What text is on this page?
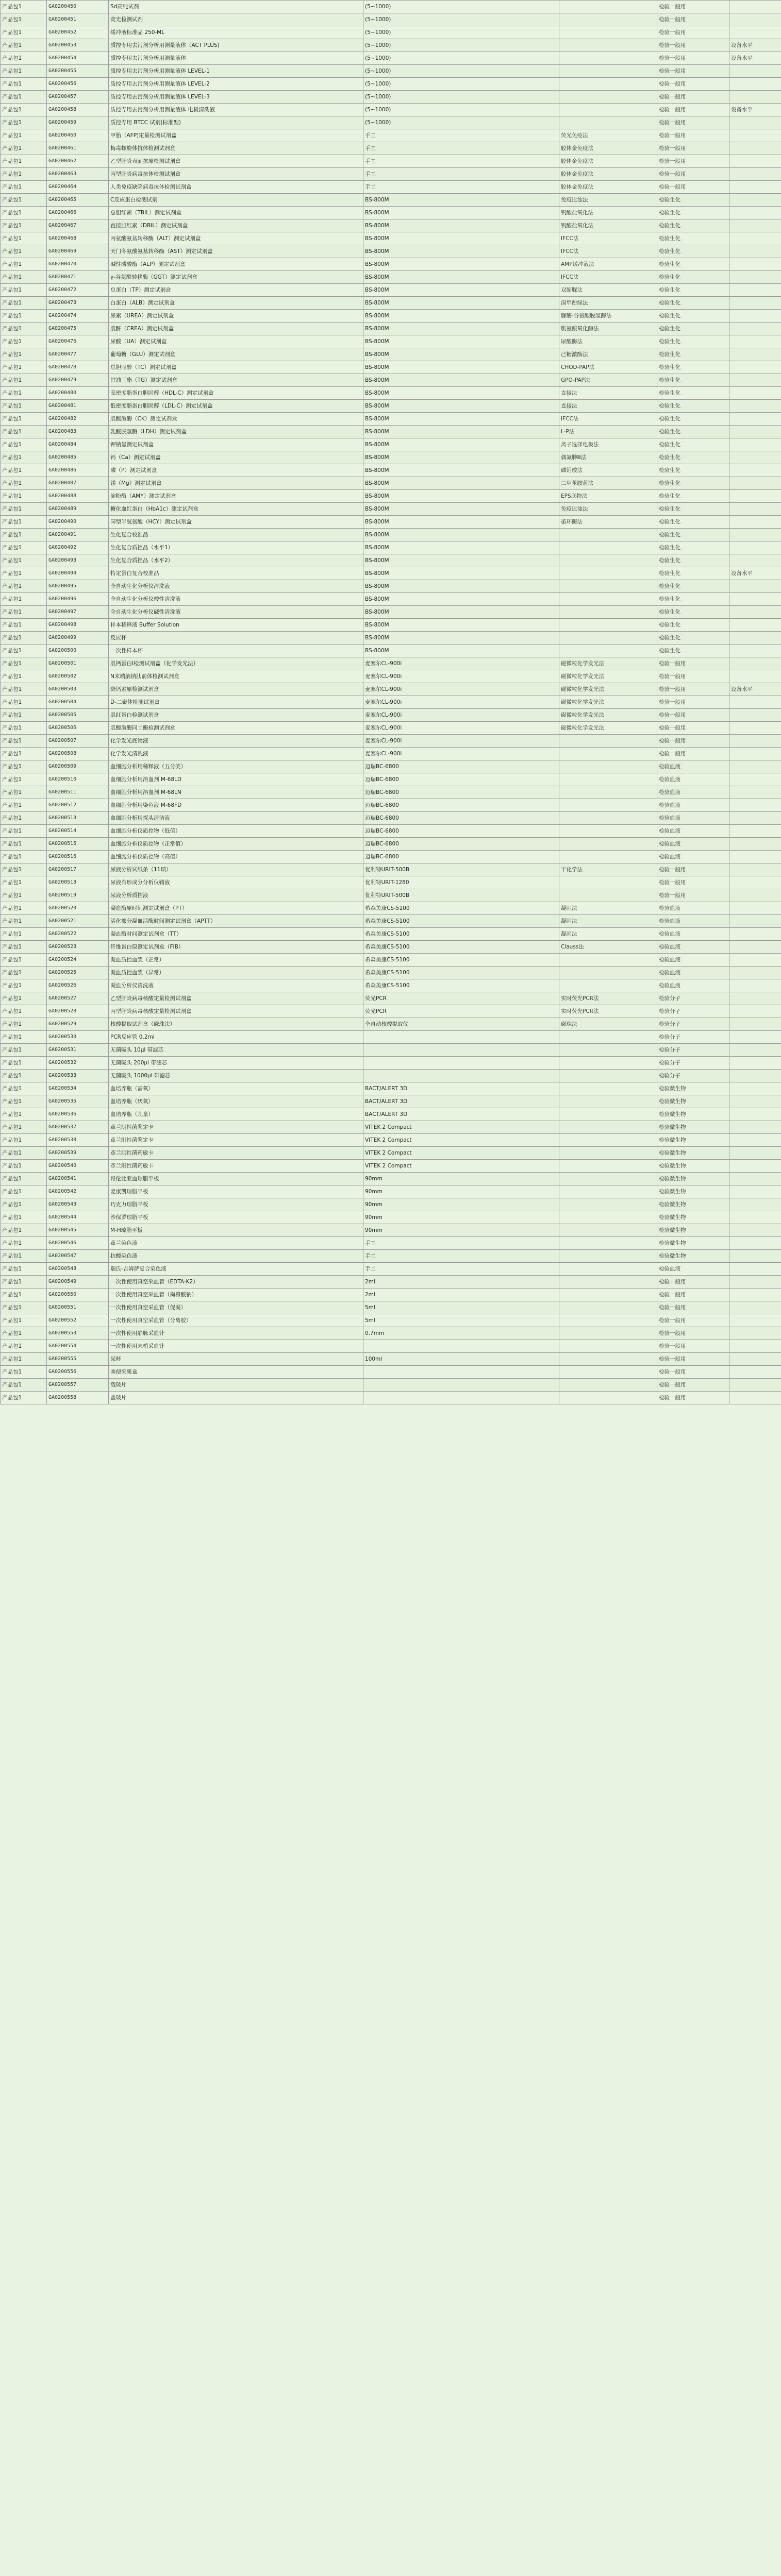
产品包1	GA0200450	Sd高纯试剂	(5~1000)		检验一般用	
产品包1	GA0200451	荧光检测试剂	(5~1000)		检验一般用	
产品包1	GA0200452	缓冲液标准品 250-ML	(5~1000)		检验一般用	
产品包1	GA0200453	质控专用去污剂分析用测量液体（ACT PLUS)	(5~1000)		检验一般用	设备水平
产品包1	GA0200454	质控专用去污剂分析用测量液体	(5~1000)		检验一般用	设备水平
产品包1	GA0200455	质控专用去污剂分析用测量液体 LEVEL-1	(5~1000)		检验一般用	
产品包1	GA0200456	质控专用去污剂分析用测量液体 LEVEL-2	(5~1000)		检验一般用	
产品包1	GA0200457	质控专用去污剂分析用测量液体 LEVEL-3	(5~1000)		检验一般用	
产品包1	GA0200458	质控专用去污剂分析用测量液体 电极清洗液	(5~1000)		检验一般用	设备水平
产品包1	GA0200459	质控专用 BTCC 试剂(标准型)	(5~1000)		检验一般用	
产品包1	GA0200460	甲胎（AFP)定量检测试剂盒	手工	荧光免疫法	检验一般用	
产品包1	GA0200461	梅毒螺旋体抗体检测试剂盒	手工	胶体金免疫法	检验一般用	
产品包1	GA0200462	乙型肝炎表面抗原检测试剂盒	手工	胶体金免疫法	检验一般用	
产品包1	GA0200463	丙型肝炎病毒抗体检测试剂盒	手工	胶体金免疫法	检验一般用	
产品包1	GA0200464	人类免疫缺陷病毒抗体检测试剂盒	手工	胶体金免疫法	检验一般用	
产品包1	GA0200465	C反应蛋白检测试剂	BS-800M	免疫比浊法	检验生化	
产品包1	GA0200466	总胆红素（TBIL）测定试剂盒	BS-800M	钒酸盐氧化法	检验生化	
产品包1	GA0200467	直接胆红素（DBIL）测定试剂盒	BS-800M	钒酸盐氧化法	检验生化	
产品包1	GA0200468	丙氨酸氨基转移酶（ALT）测定试剂盒	BS-800M	IFCC法	检验生化	
产品包1	GA0200469	天门冬氨酸氨基转移酶（AST）测定试剂盒	BS-800M	IFCC法	检验生化	
产品包1	GA0200470	碱性磷酸酶（ALP）测定试剂盒	BS-800M	AMP缓冲液法	检验生化	
产品包1	GA0200471	γ-谷氨酰转移酶（GGT）测定试剂盒	BS-800M	IFCC法	检验生化	
产品包1	GA0200472	总蛋白（TP）测定试剂盒	BS-800M	双缩脲法	检验生化	
产品包1	GA0200473	白蛋白（ALB）测定试剂盒	BS-800M	溴甲酚绿法	检验生化	
产品包1	GA0200474	尿素（UREA）测定试剂盒	BS-800M	脲酶-谷氨酸脱氢酶法	检验生化	
产品包1	GA0200475	肌酐（CREA）测定试剂盒	BS-800M	肌氨酸氧化酶法	检验生化	
产品包1	GA0200476	尿酸（UA）测定试剂盒	BS-800M	尿酸酶法	检验生化	
产品包1	GA0200477	葡萄糖（GLU）测定试剂盒	BS-800M	己糖激酶法	检验生化	
产品包1	GA0200478	总胆固醇（TC）测定试剂盒	BS-800M	CHOD-PAP法	检验生化	
产品包1	GA0200479	甘油三酯（TG）测定试剂盒	BS-800M	GPO-PAP法	检验生化	
产品包1	GA0200480	高密度脂蛋白胆固醇（HDL-C）测定试剂盒	BS-800M	直接法	检验生化	
产品包1	GA0200481	低密度脂蛋白胆固醇（LDL-C）测定试剂盒	BS-800M	直接法	检验生化	
产品包1	GA0200482	肌酸激酶（CK）测定试剂盒	BS-800M	IFCC法	检验生化	
产品包1	GA0200483	乳酸脱氢酶（LDH）测定试剂盒	BS-800M	L-P法	检验生化	
产品包1	GA0200484	钾钠氯测定试剂盒	BS-800M	离子选择电极法	检验生化	
产品包1	GA0200485	钙（Ca）测定试剂盒	BS-800M	偶氮胂Ⅲ法	检验生化	
产品包1	GA0200486	磷（P）测定试剂盒	BS-800M	磷钼酸法	检验生化	
产品包1	GA0200487	镁（Mg）测定试剂盒	BS-800M	二甲苯胺蓝法	检验生化	
产品包1	GA0200488	淀粉酶（AMY）测定试剂盒	BS-800M	EPS底物法	检验生化	
产品包1	GA0200489	糖化血红蛋白（HbA1c）测定试剂盒	BS-800M	免疫比浊法	检验生化	
产品包1	GA0200490	同型半胱氨酸（HCY）测定试剂盒	BS-800M	循环酶法	检验生化	
产品包1	GA0200491	生化复合校准品	BS-800M		检验生化	
产品包1	GA0200492	生化复合质控品（水平1）	BS-800M		检验生化	
产品包1	GA0200493	生化复合质控品（水平2）	BS-800M		检验生化	
产品包1	GA0200494	特定蛋白复合校准品	BS-800M		检验生化	设备水平
产品包1	GA0200495	全自动生化分析仪清洗液	BS-800M		检验生化	
产品包1	GA0200496	全自动生化分析仪酸性清洗液	BS-800M		检验生化	
产品包1	GA0200497	全自动生化分析仪碱性清洗液	BS-800M		检验生化	
产品包1	GA0200498	样本稀释液 Buffer Solution	BS-800M		检验生化	
产品包1	GA0200499	反应杯	BS-800M		检验生化	
产品包1	GA0200500	一次性样本杯	BS-800M		检验生化	
产品包1	GA0200501	肌钙蛋白I检测试剂盒（化学发光法）	麦塞尔CL-900i	磁微粒化学发光法	检验一般用	
产品包1	GA0200502	N末端脑钠肽前体检测试剂盒	麦塞尔CL-900i	磁微粒化学发光法	检验一般用	
产品包1	GA0200503	降钙素原检测试剂盒	麦塞尔CL-900i	磁微粒化学发光法	检验一般用	设备水平
产品包1	GA0200504	D-二聚体检测试剂盒	麦塞尔CL-900i	磁微粒化学发光法	检验一般用	
产品包1	GA0200505	肌红蛋白检测试剂盒	麦塞尔CL-900i	磁微粒化学发光法	检验一般用	
产品包1	GA0200506	肌酸激酶同工酶检测试剂盒	麦塞尔CL-900i	磁微粒化学发光法	检验一般用	
产品包1	GA0200507	化学发光底物液	麦塞尔CL-900i		检验一般用	
产品包1	GA0200508	化学发光清洗液	麦塞尔CL-900i		检验一般用	
产品包1	GA0200509	血细胞分析用稀释液（五分类）	迈瑞BC-6800		检验血液	
产品包1	GA0200510	血细胞分析用溶血剂 M-68LD	迈瑞BC-6800		检验血液	
产品包1	GA0200511	血细胞分析用溶血剂 M-68LN	迈瑞BC-6800		检验血液	
产品包1	GA0200512	血细胞分析用染色液 M-68FD	迈瑞BC-6800		检验血液	
产品包1	GA0200513	血细胞分析用探头清洁液	迈瑞BC-6800		检验血液	
产品包1	GA0200514	血细胞分析仪质控物（低值）	迈瑞BC-6800		检验血液	
产品包1	GA0200515	血细胞分析仪质控物（正常值）	迈瑞BC-6800		检验血液	
产品包1	GA0200516	血细胞分析仪质控物（高值）	迈瑞BC-6800		检验血液	
产品包1	GA0200517	尿液分析试纸条（11项）	优利特URIT-500B	干化学法	检验一般用	
产品包1	GA0200518	尿液有形成分分析仪鞘液	优利特URIT-1280		检验一般用	
产品包1	GA0200519	尿液分析质控液	优利特URIT-500B		检验一般用	
产品包1	GA0200520	凝血酶原时间测定试剂盒（PT）	希森美康CS-5100	凝固法	检验血液	
产品包1	GA0200521	活化部分凝血活酶时间测定试剂盒（APTT）	希森美康CS-5100	凝固法	检验血液	
产品包1	GA0200522	凝血酶时间测定试剂盒（TT）	希森美康CS-5100	凝固法	检验血液	
产品包1	GA0200523	纤维蛋白原测定试剂盒（FIB）	希森美康CS-5100	Clauss法	检验血液	
产品包1	GA0200524	凝血质控血浆（正常）	希森美康CS-5100		检验血液	
产品包1	GA0200525	凝血质控血浆（异常）	希森美康CS-5100		检验血液	
产品包1	GA0200526	凝血分析仪清洗液	希森美康CS-5100		检验血液	
产品包1	GA0200527	乙型肝炎病毒核酸定量检测试剂盒	荧光PCR	实时荧光PCR法	检验分子	
产品包1	GA0200528	丙型肝炎病毒核酸定量检测试剂盒	荧光PCR	实时荧光PCR法	检验分子	
产品包1	GA0200529	核酸提取试剂盒（磁珠法）	全自动核酸提取仪	磁珠法	检验分子	
产品包1	GA0200530	PCR反应管 0.2ml			检验分子	
产品包1	GA0200531	无菌吸头 10μl 带滤芯			检验分子	
产品包1	GA0200532	无菌吸头 200μl 带滤芯			检验分子	
产品包1	GA0200533	无菌吸头 1000μl 带滤芯			检验分子	
产品包1	GA0200534	血培养瓶（需氧）	BACT/ALERT 3D		检验微生物	
产品包1	GA0200535	血培养瓶（厌氧）	BACT/ALERT 3D		检验微生物	
产品包1	GA0200536	血培养瓶（儿童）	BACT/ALERT 3D		检验微生物	
产品包1	GA0200537	革兰阴性菌鉴定卡	VITEK 2 Compact		检验微生物	
产品包1	GA0200538	革兰阳性菌鉴定卡	VITEK 2 Compact		检验微生物	
产品包1	GA0200539	革兰阴性菌药敏卡	VITEK 2 Compact		检验微生物	
产品包1	GA0200540	革兰阳性菌药敏卡	VITEK 2 Compact		检验微生物	
产品包1	GA0200541	哥伦比亚血琼脂平板	90mm		检验微生物	
产品包1	GA0200542	麦康凯琼脂平板	90mm		检验微生物	
产品包1	GA0200543	巧克力琼脂平板	90mm		检验微生物	
产品包1	GA0200544	沙保罗琼脂平板	90mm		检验微生物	
产品包1	GA0200545	M-H琼脂平板	90mm		检验微生物	
产品包1	GA0200546	革兰染色液	手工		检验微生物	
产品包1	GA0200547	抗酸染色液	手工		检验微生物	
产品包1	GA0200548	瑞氏-吉姆萨复合染色液	手工		检验血液	
产品包1	GA0200549	一次性使用真空采血管（EDTA-K2）	2ml		检验一般用	
产品包1	GA0200550	一次性使用真空采血管（枸橼酸钠）	2ml		检验一般用	
产品包1	GA0200551	一次性使用真空采血管（促凝）	5ml		检验一般用	
产品包1	GA0200552	一次性使用真空采血管（分离胶）	5ml		检验一般用	
产品包1	GA0200553	一次性使用静脉采血针	0.7mm		检验一般用	
产品包1	GA0200554	一次性使用末梢采血针			检验一般用	
产品包1	GA0200555	尿杯	100ml		检验一般用	
产品包1	GA0200556	粪便采集盒			检验一般用	
产品包1	GA0200557	载玻片			检验一般用	
产品包1	GA0200558	盖玻片			检验一般用	
